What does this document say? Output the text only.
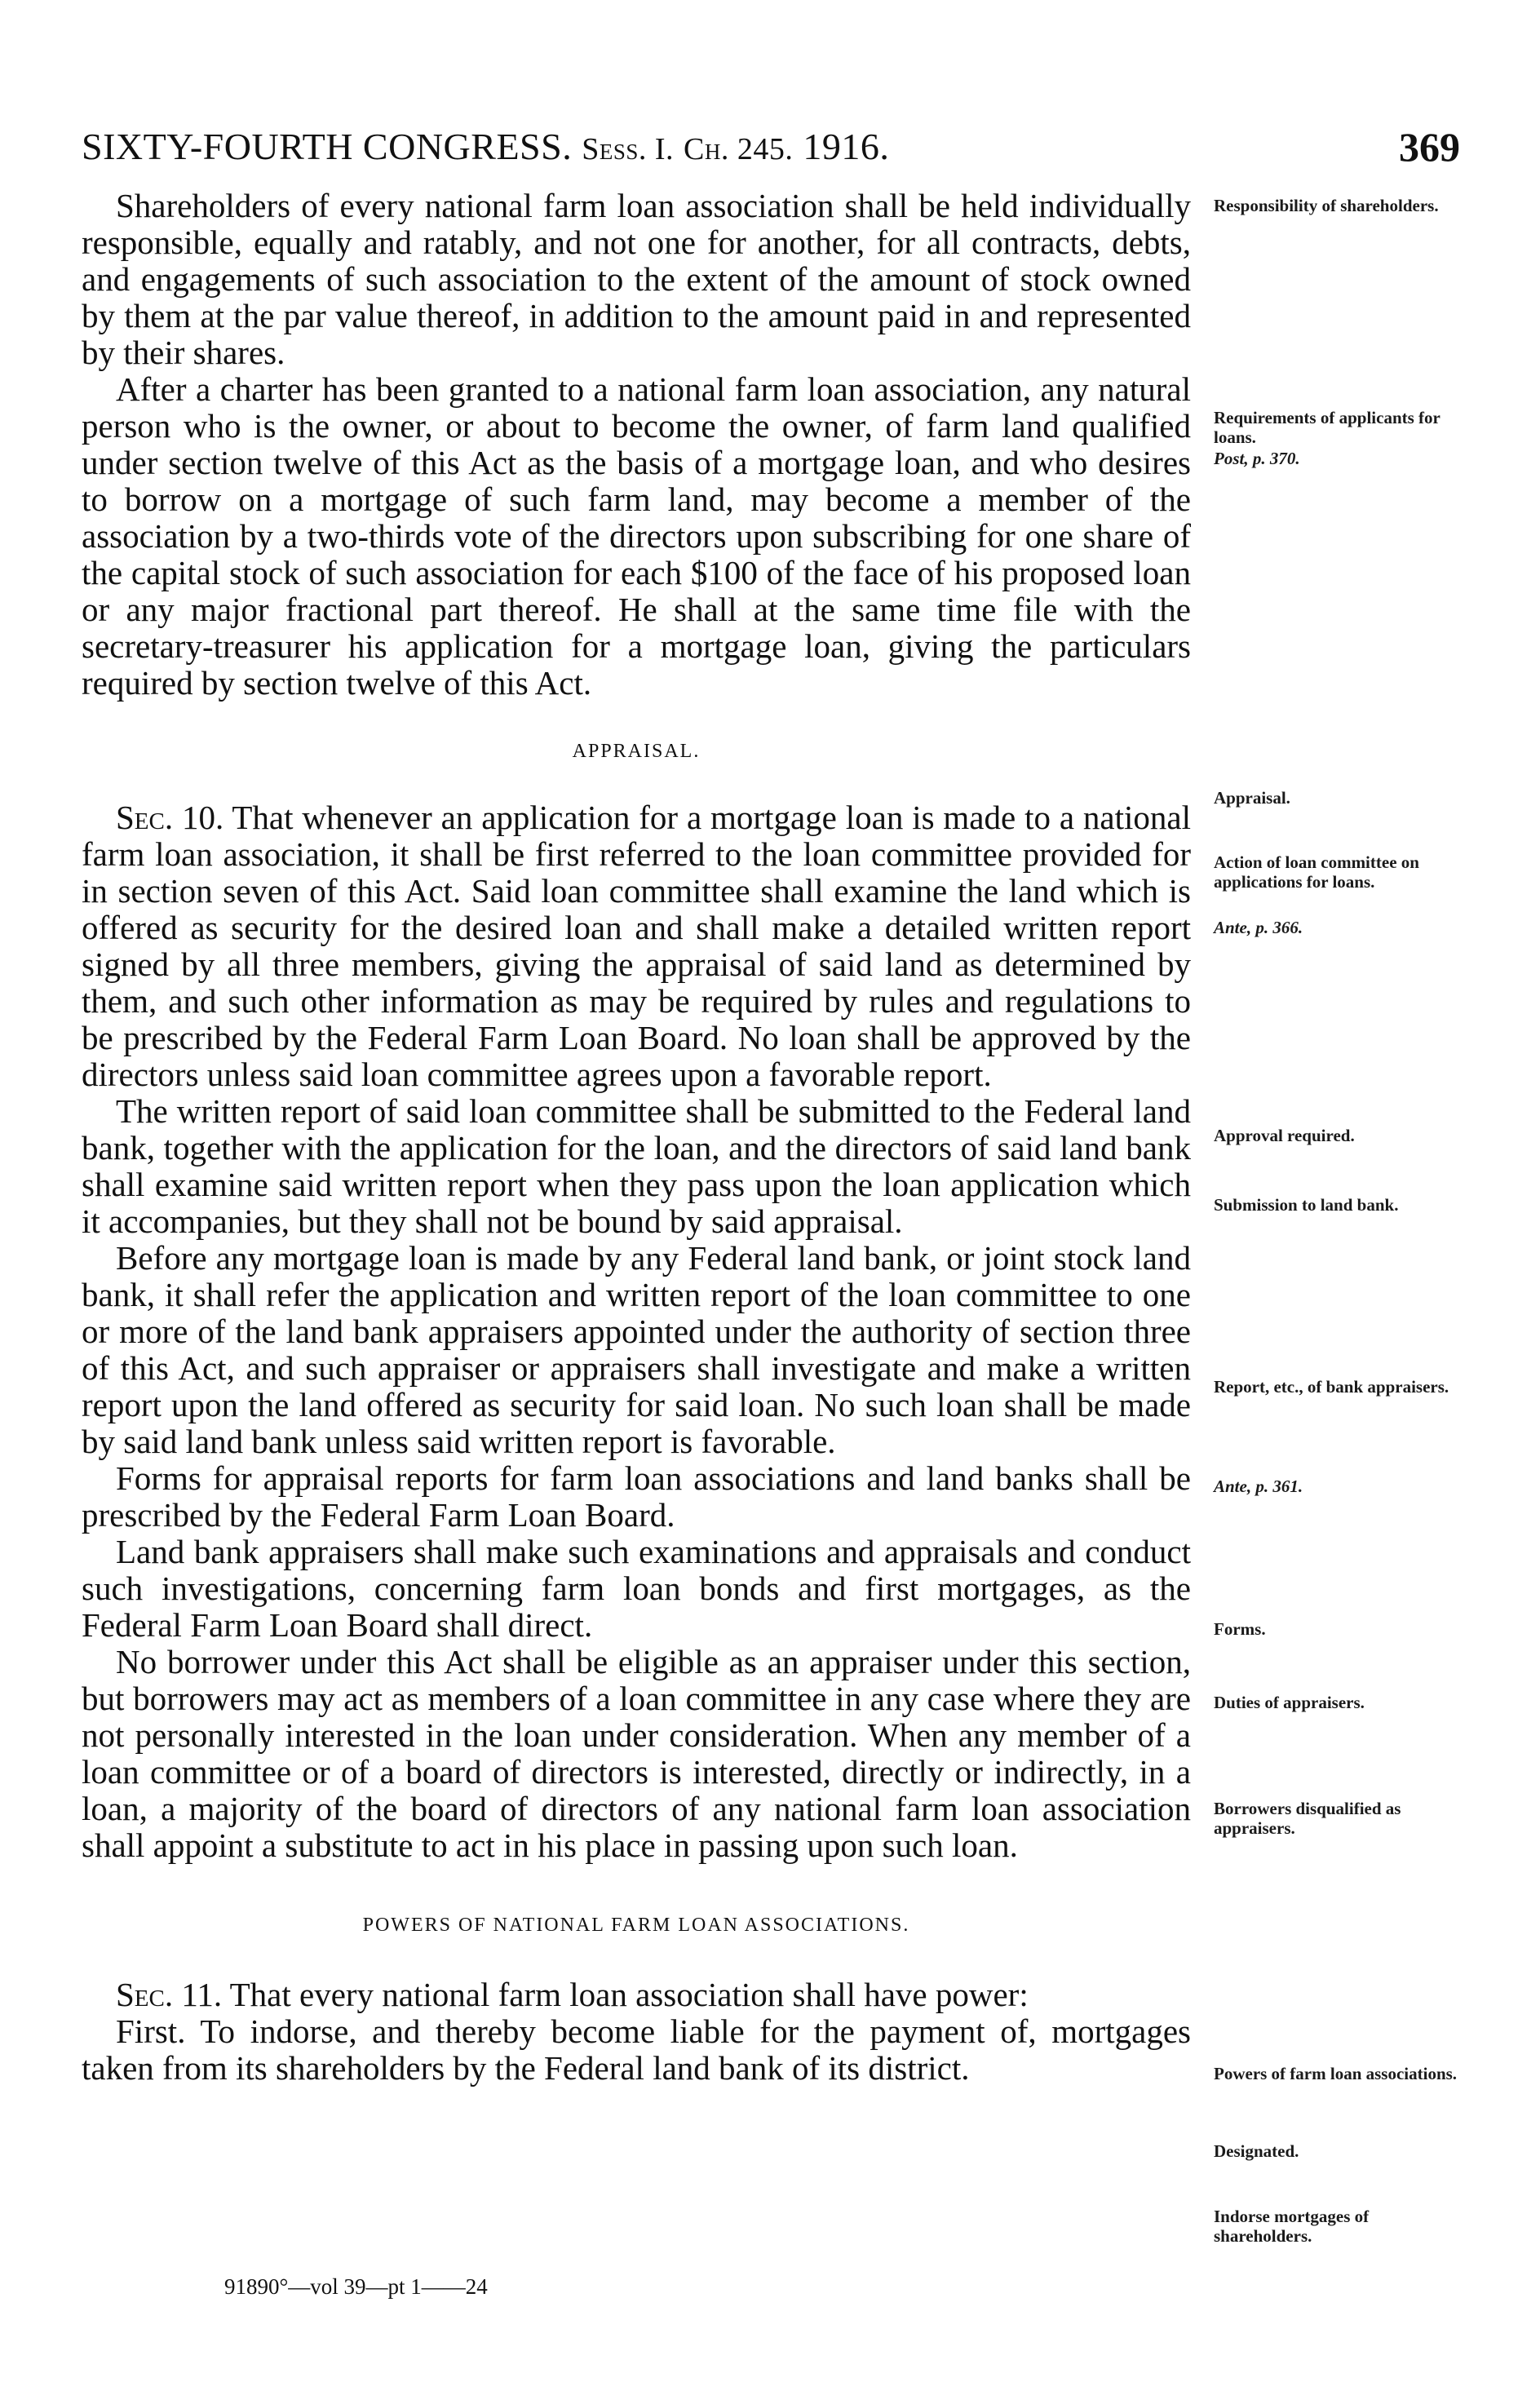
SIXTY-FOURTH CONGRESS. Sess. I. Ch. 245. 1916.	369

Shareholders of every national farm loan association shall be held individually responsible, equally and ratably, and not one for another, for all contracts, debts, and engagements of such association to the extent of the amount of stock owned by them at the par value thereof, in addition to the amount paid in and represented by their shares.

After a charter has been granted to a national farm loan association, any natural person who is the owner, or about to become the owner, of farm land qualified under section twelve of this Act as the basis of a mortgage loan, and who desires to borrow on a mortgage of such farm land, may become a member of the association by a two-thirds vote of the directors upon subscribing for one share of the capital stock of such association for each $100 of the face of his proposed loan or any major fractional part thereof. He shall at the same time file with the secretary-treasurer his application for a mortgage loan, giving the particulars required by section twelve of this Act.

APPRAISAL.

Sec. 10. That whenever an application for a mortgage loan is made to a national farm loan association, it shall be first referred to the loan committee provided for in section seven of this Act. Said loan committee shall examine the land which is offered as security for the desired loan and shall make a detailed written report signed by all three members, giving the appraisal of said land as determined by them, and such other information as may be required by rules and regulations to be prescribed by the Federal Farm Loan Board. No loan shall be approved by the directors unless said loan committee agrees upon a favorable report.

The written report of said loan committee shall be submitted to the Federal land bank, together with the application for the loan, and the directors of said land bank shall examine said written report when they pass upon the loan application which it accompanies, but they shall not be bound by said appraisal.

Before any mortgage loan is made by any Federal land bank, or joint stock land bank, it shall refer the application and written report of the loan committee to one or more of the land bank appraisers appointed under the authority of section three of this Act, and such appraiser or appraisers shall investigate and make a written report upon the land offered as security for said loan. No such loan shall be made by said land bank unless said written report is favorable.

Forms for appraisal reports for farm loan associations and land banks shall be prescribed by the Federal Farm Loan Board.

Land bank appraisers shall make such examinations and appraisals and conduct such investigations, concerning farm loan bonds and first mortgages, as the Federal Farm Loan Board shall direct.

No borrower under this Act shall be eligible as an appraiser under this section, but borrowers may act as members of a loan committee in any case where they are not personally interested in the loan under consideration. When any member of a loan committee or of a board of directors is interested, directly or indirectly, in a loan, a majority of the board of directors of any national farm loan association shall appoint a substitute to act in his place in passing upon such loan.

POWERS OF NATIONAL FARM LOAN ASSOCIATIONS.

Sec. 11. That every national farm loan association shall have power:

First. To indorse, and thereby become liable for the payment of, mortgages taken from its shareholders by the Federal land bank of its district.

Responsibility of shareholders.
Requirements of applicants for loans.
Post, p. 370.
Appraisal.
Action of loan committee on applications for loans.
Ante, p. 366.
Approval required.
Submission to land bank.
Report, etc., of bank appraisers.
Ante, p. 361.
Forms.
Duties of appraisers.
Borrowers disqualified as appraisers.
Powers of farm loan associations.
Designated.
Indorse mortgages of shareholders.
91890°—vol 39—pt 1——24
